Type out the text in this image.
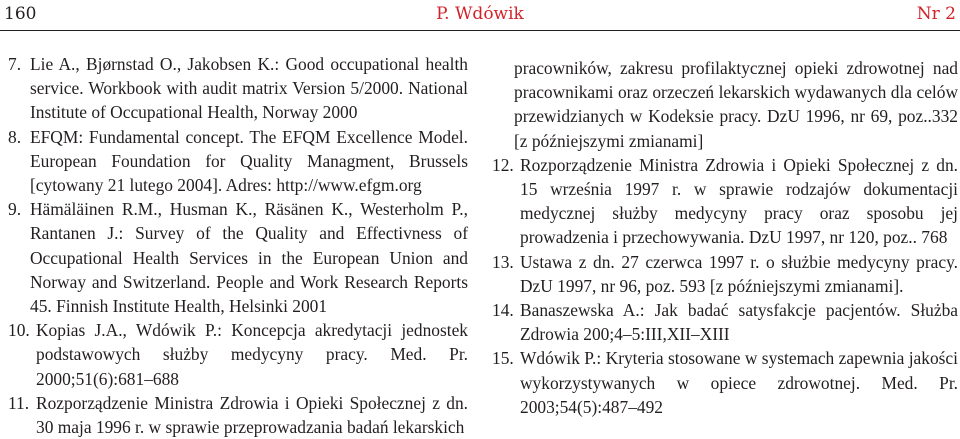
160	P. Wdówik	Nr 2
7. Lie A., Bjørnstad O., Jakobsen K.: Good occupational health service. Workbook with audit matrix Version 5/2000. National Institute of Occupational Health, Norway 2000
8. EFQM: Fundamental concept. The EFQM Excellence Model. European Foundation for Quality Managment, Brussels [cytowany 21 lutego 2004]. Adres: http://www.efgm.org
9. Hämäläinen R.M., Husman K., Räsänen K., Westerholm P., Rantanen J.: Survey of the Quality and Effectivness of Occupational Health Services in the European Union and Norway and Switzerland. People and Work Research Reports 45. Finnish Institute Health, Helsinki 2001
10. Kopias J.A., Wdówik P.: Koncepcja akredytacji jednostek podstawowych służby medycyny pracy. Med. Pr. 2000;51(6):681–688
11. Rozporządzenie Ministra Zdrowia i Opieki Społecznej z dn. 30 maja 1996 r. w sprawie przeprowadzania badań lekarskich
pracowników, zakresu profilaktycznej opieki zdrowotnej nad pracownikami oraz orzeczeń lekarskich wydawanych dla celów przewidzianych w Kodeksie pracy. DzU 1996, nr 69, poz..332 [z późniejszymi zmianami]
12. Rozporządzenie Ministra Zdrowia i Opieki Społecznej z dn. 15 września 1997 r. w sprawie rodzajów dokumentacji medycznej służby medycyny pracy oraz sposobu jej prowadzenia i przechowywania. DzU 1997, nr 120, poz.. 768
13. Ustawa z dn. 27 czerwca 1997 r. o służbie medycyny pracy. DzU 1997, nr 96, poz. 593 [z późniejszymi zmianami].
14. Banaszewska A.: Jak badać satysfakcje pacjentów. Służba Zdrowia 200;4–5:III,XII–XIII
15. Wdówik P.: Kryteria stosowane w systemach zapewnia jakości wykorzystywanych w opiece zdrowotnej. Med. Pr. 2003;54(5):487–492
